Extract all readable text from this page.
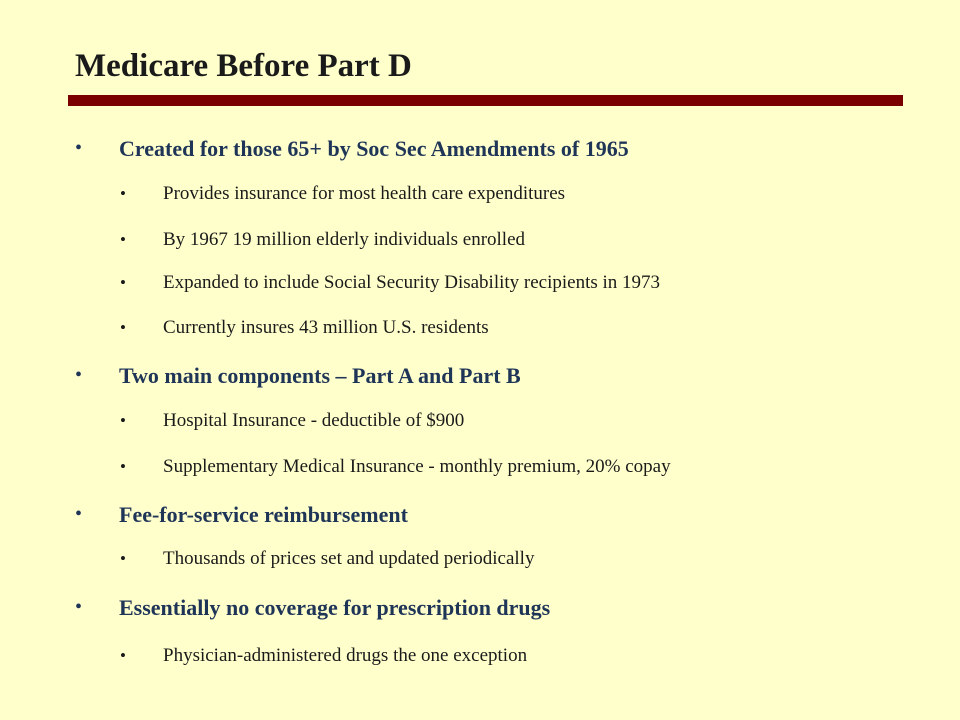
Medicare Before Part D
• Created for those 65+ by Soc Sec Amendments of 1965
• Provides insurance for most health care expenditures
• By 1967 19 million elderly individuals enrolled
• Expanded to include Social Security Disability recipients in 1973
• Currently insures 43 million U.S. residents
• Two main components – Part A and Part B
• Hospital Insurance - deductible of $900
• Supplementary Medical Insurance - monthly premium, 20% copay
• Fee-for-service reimbursement
• Thousands of prices set and updated periodically
• Essentially no coverage for prescription drugs
• Physician-administered drugs the one exception
